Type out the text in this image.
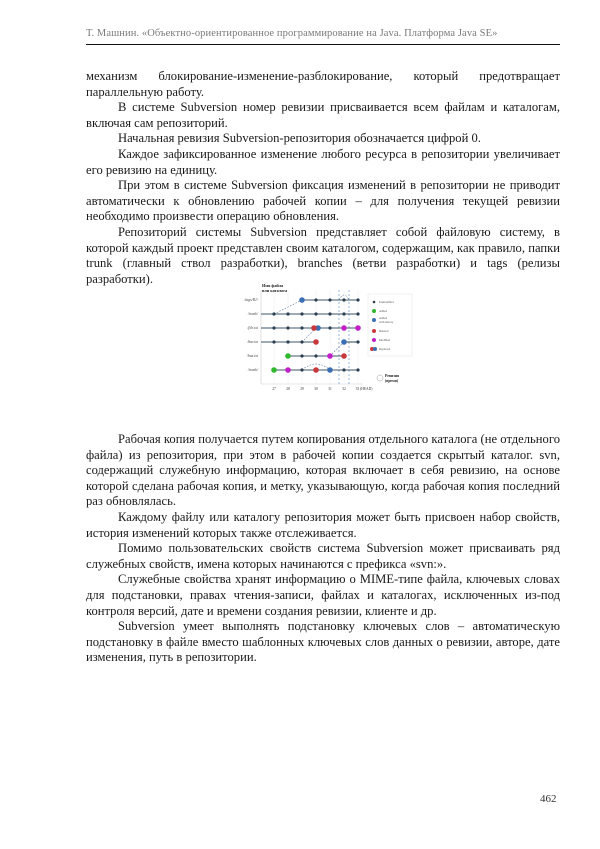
Т. Машнин. «Объектно-ориентированное программирование на Java. Платформа Java SE»

механизм блокирование-изменение-разблокирование, который предотвращает параллельную работу.

В системе Subversion номер ревизии присваивается всем файлам и каталогам, включая сам репозиторий.

Начальная ревизия Subversion-репозитория обозначается цифрой 0.

Каждое зафиксированное изменение любого ресурса в репозитории увеличивает его ревизию на единицу.

При этом в системе Subversion фиксация изменений в репозитории не приводит автоматически к обновлению рабочей копии – для получения текущей ревизии необходимо произвести операцию обновления.

Репозиторий системы Subversion представляет собой файловую систему, в которой каждый проект представлен своим каталогом, содержащим, как правило, папки trunk (главный ствол разработки), branches (ветви разработки) и tags (релизы разработки).	Имя файла
или каталога
/tags/R1/
/trunk/
/file.txt
/bar.txt
/baz.txt
/trunk/
27	28	29	30	31	32	33 (HEAD)
Unmodified
Added
Added
with history
Deleted
Modified
Replaced
Ревизия
(время)

Рабочая копия получается путем копирования отдельного каталога (не отдельного файла) из репозитория, при этом в рабочей копии создается скрытый каталог. svn, содержащий служебную информацию, которая включает в себя ревизию, на основе которой сделана рабочая копия, и метку, указывающую, когда рабочая копия последний раз обновлялась.

Каждому файлу или каталогу репозитория может быть присвоен набор свойств, история изменений которых также отслеживается.

Помимо пользовательских свойств система Subversion может присваивать ряд служебных свойств, имена которых начинаются с префикса «svn:».

Служебные свойства хранят информацию о MIME-типе файла, ключевых словах для подстановки, правах чтения-записи, файлах и каталогах, исключенных из-под контроля версий, дате и времени создания ревизии, клиенте и др.

Subversion умеет выполнять подстановку ключевых слов – автоматическую подстановку в файле вместо шаблонных ключевых слов данных о ревизии, авторе, дате изменения, путь в репозитории.

462
